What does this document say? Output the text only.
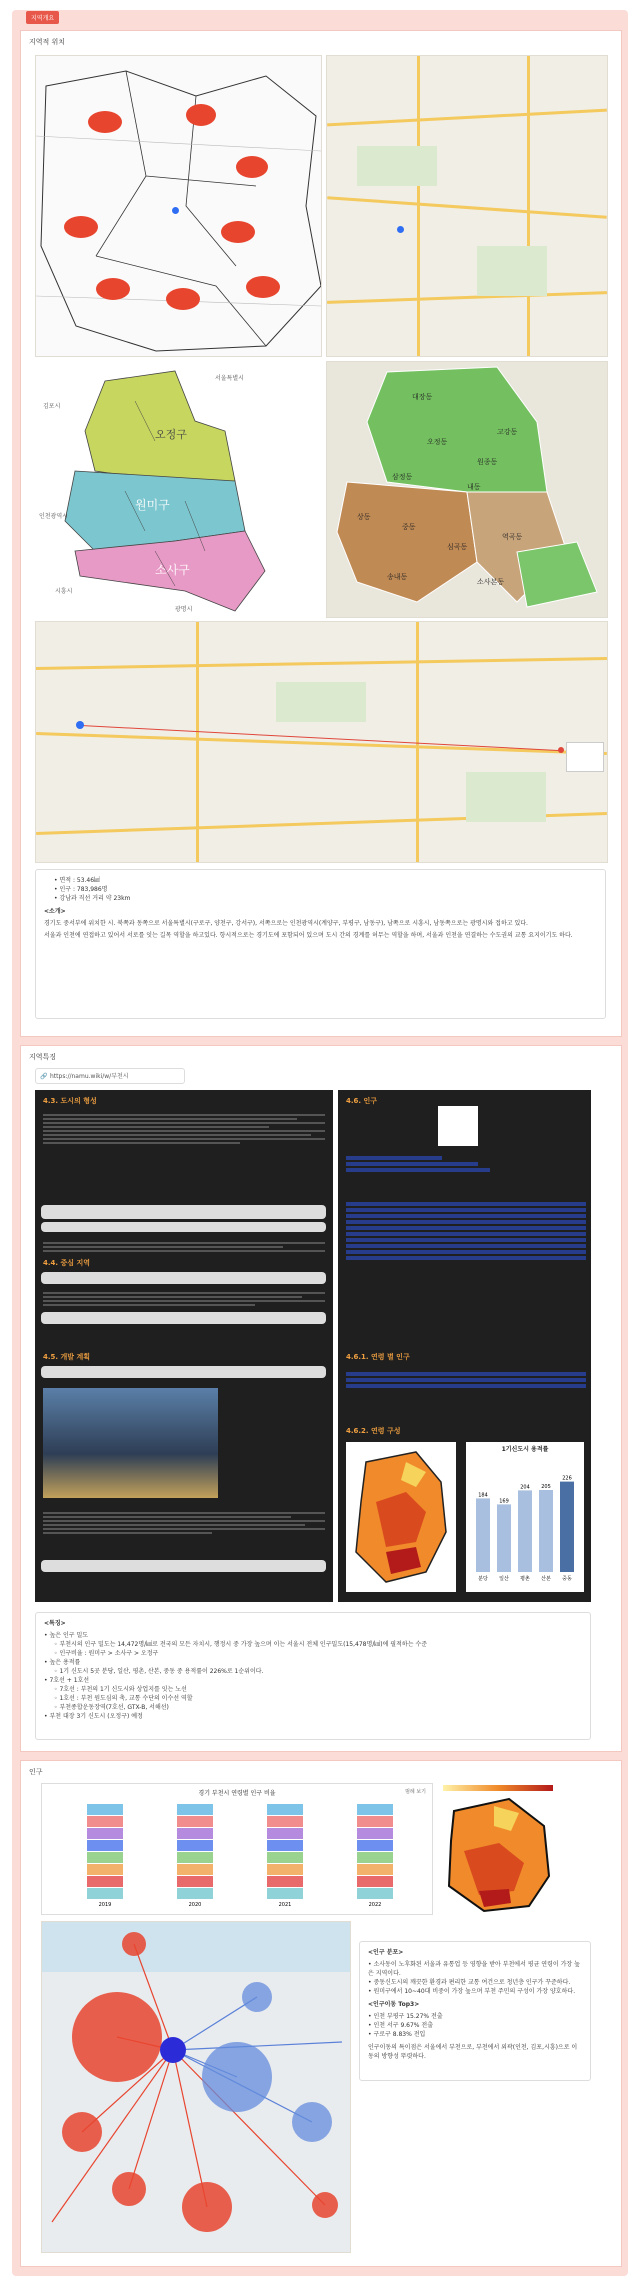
지역개요
지역적 위치
오정구
원미구
소사구
서울특별시
김포시
인천광역시
시흥시
광명시
대장동
고강동
오정동
원종동
삼정동
내동
중동
상동
심곡동
역곡동
송내동
소사본동
• 면적 : 53.46㎢
• 인구 : 783,986명
• 강남과 직선 거리 약 23km

<소개>

경기도 중서부에 위치한 시. 북쪽과 동쪽으로 서울특별시(구로구, 양천구, 강서구), 서쪽으로는 인천광역시(계양구, 부평구, 남동구), 남쪽으로 시흥시, 남동쪽으로는 광명시와 접하고 있다.

서울과 인천에 연접하고 있어서 서로를 잇는 길목 역할을 하고있다. 항시적으로는 경기도에 포함되어 있으며 도시 간의 경계를 허무는 역할을 하며, 서울과 인천을 연결하는 수도권의 교통 요지이기도 하다.

지역특징
🔗 https://namu.wiki/w/부천시
4.3. 도시의 형성
4.4. 중심 지역
4.5. 개발 계획
4.6. 인구
4.6.1. 연령 별 인구
4.6.2. 연령 구성
1기신도시 용적률
분당
184
일산
169
평촌
204
산본
205
중동
226

<특징>

• 높은 인구 밀도
◦ 부천시의 인구 밀도는 14,472명/㎢로 전국의 모든 자치시, 행정시 중 가장 높으며 이는 서울시 전체 인구밀도(15,478명/㎢)에 필적하는 수준
◦ 인구비율 : 원미구 > 소사구 > 오정구
• 높은 용적률
◦ 1기 신도시 5곳 분당, 일산, 평촌, 산본, 중동 중 용적률이 226%로 1순위이다.
• 7호선 + 1호선
◦ 7호선 : 부천의 1기 신도시와 상업지를 잇는 노선
◦ 1호선 : 부천 원도심의 축, 교통 수단의 이수선 역할
◦ 부천종합운동장역(7호선, GTX-B, 서해선)
• 부천 대장 3기 신도시 (오정구) 예정
인구
경기 부천시 연령별 인구 비율	범례 보기
2019	2020	2021	2022

<인구 분포>

• 소사동이 노후화된 서울과 유통업 등 영향을 받아 부천에서 평균 연령이 가장 높은 지역이다.
• 중동신도시의 깨끗한 환경과 편리한 교통 여건으로 청년층 인구가 꾸준하다.
• 원미구에서 10~40대 비중이 가장 높으며 부천 주민의 구성이 가장 양호하다.

<인구이동 Top3>

• 인천 부평구 15.27% 전출
• 인천 서구 9.67% 전출
• 구로구 8.83% 전입
인구이동의 특이점은 서울에서 부천으로, 부천에서 외곽(인천, 김포,시흥)으로 이동의 방향성 뚜렷하다.
